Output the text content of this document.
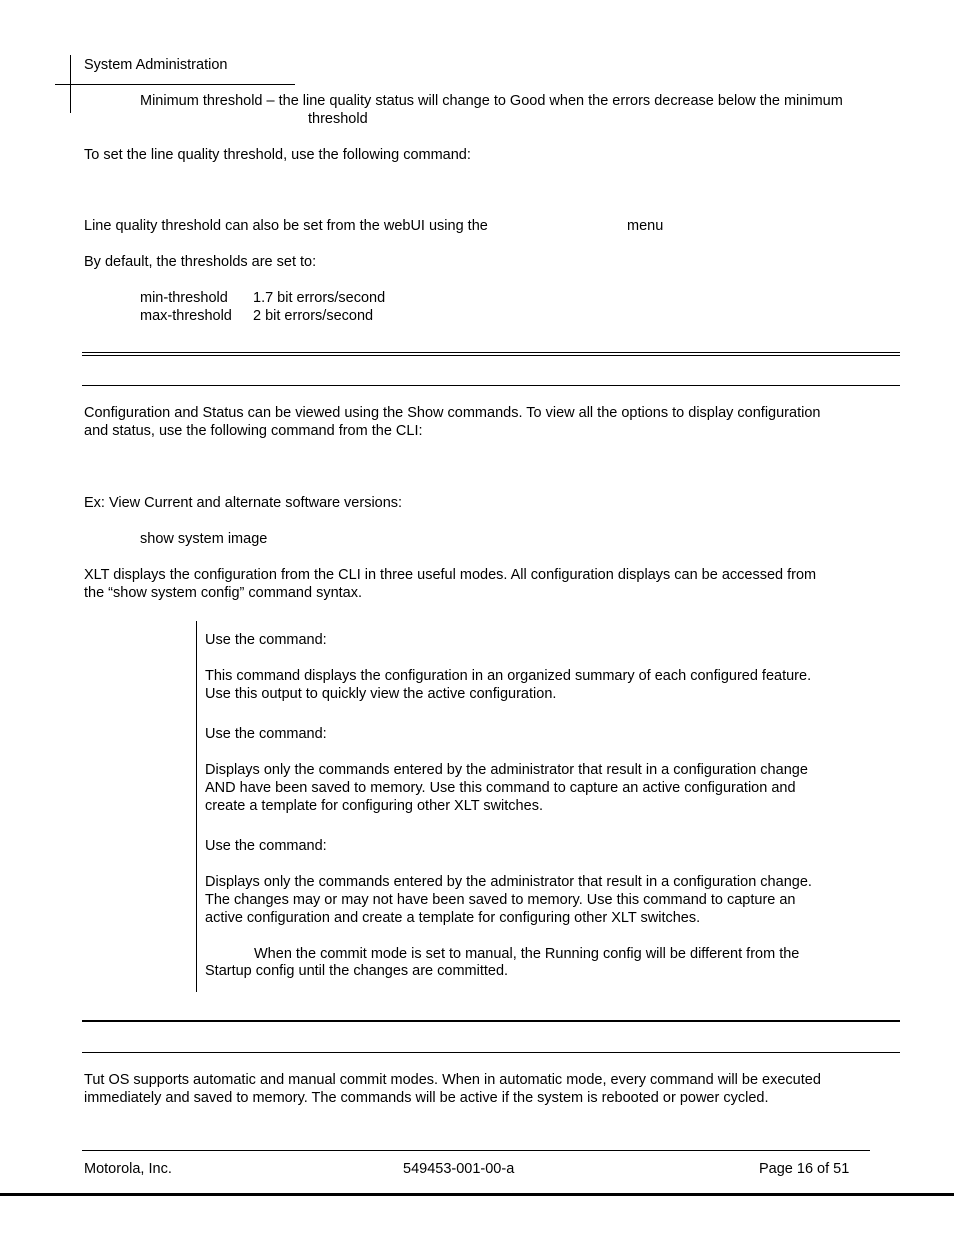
System Administration
Minimum threshold – the line quality status will change to Good when the errors decrease below the minimum
threshold
To set the line quality threshold, use the following command:
Line quality threshold can also be set from the webUI using the	menu
By default, the thresholds are set to:
min-threshold 1.7 bit errors/second
max-threshold 2 bit errors/second
Configuration and Status can be viewed using the Show commands. To view all the options to display configuration
and status, use the following command from the CLI:
Ex: View Current and alternate software versions:
show system image
XLT displays the configuration from the CLI in three useful modes. All configuration displays can be accessed from
the “show system config” command syntax.
Use the command:
This command displays the configuration in an organized summary of each configured feature.
Use this output to quickly view the active configuration.
Use the command:
Displays only the commands entered by the administrator that result in a configuration change
AND have been saved to memory. Use this command to capture an active configuration and
create a template for configuring other XLT switches.
Use the command:
Displays only the commands entered by the administrator that result in a configuration change.
The changes may or may not have been saved to memory. Use this command to capture an
active configuration and create a template for configuring other XLT switches.
When the commit mode is set to manual, the Running config will be different from the
Startup config until the changes are committed.
Tut OS supports automatic and manual commit modes. When in automatic mode, every command will be executed
immediately and saved to memory. The commands will be active if the system is rebooted or power cycled.
Motorola, Inc.	549453-001-00-a	Page 16 of 51
